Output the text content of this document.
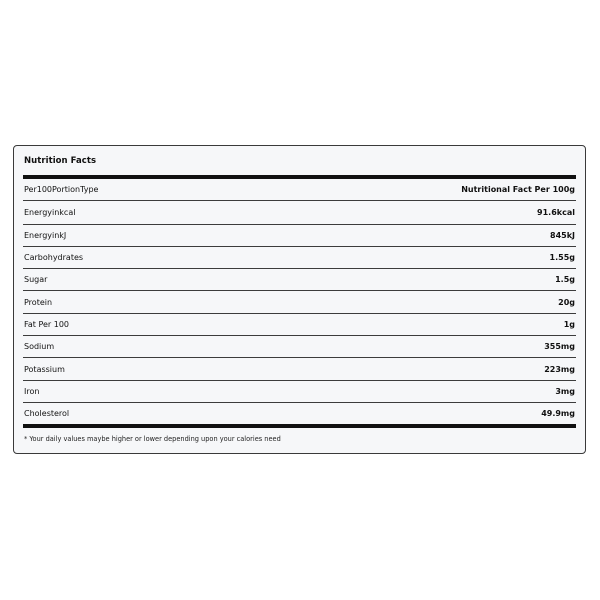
Nutrition Facts
Per100PortionType	Nutritional Fact Per 100g
Energyinkcal	91.6kcal
EnergyinkJ	845kJ
Carbohydrates	1.55g
Sugar	1.5g
Protein	20g
Fat Per 100	1g
Sodium	355mg
Potassium	223mg
Iron	3mg
Cholesterol	49.9mg
* Your daily values maybe higher or lower depending upon your calories need
